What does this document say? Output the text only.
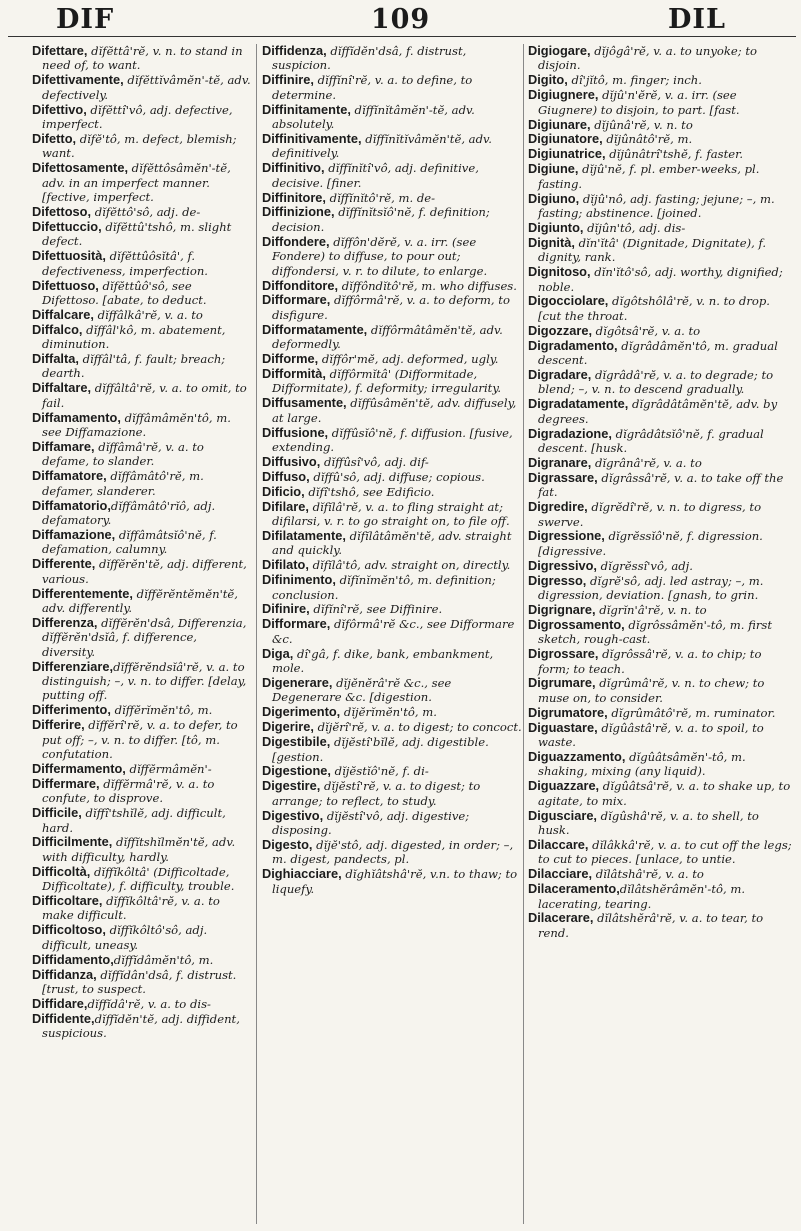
DIF	109	DIL
Difettare, dĭfĕttâ'rĕ, v. n. to stand in need of, to want.
Difettivamente, dĭfĕttĭvâmĕn'-tĕ, adv. defectively.
Difettivo, dĭfĕttî'vô, adj. defective, imperfect.
Difetto, dĭfĕ'tô, m. defect, blemish; want.
Difettosamente, dĭfĕttôsâmĕn'-tĕ, adv. in an imperfect manner. [fective, imperfect.
Difettoso, dĭfĕttô'sô, adj. de-
Difettuccio, dĭfĕttû'tshô, m. slight defect.
Difettuosità, dĭfĕttûôsĭtâ', f. defectiveness, imperfection.
Difettuoso, dĭfĕttûô'sô, see Difettoso. [abate, to deduct.
Diffalcare, dĭffâlkâ'rĕ, v. a. to
Diffalco, dĭffâl'kô, m. abatement, diminution.
Diffalta, dĭffâl'tâ, f. fault; breach; dearth.
Diffaltare, dĭffâltâ'rĕ, v. a. to omit, to fail.
Diffamamento, dĭffâmâmĕn'tô, m. see Diffamazione.
Diffamare, dĭffâmâ'rĕ, v. a. to defame, to slander.
Diffamatore, dĭffâmâtô'rĕ, m. defamer, slanderer.
Diffamatorio,dĭffâmâtô'rĭô, adj. defamatory.
Diffamazione, dĭffâmâtsĭô'nĕ, f. defamation, calumny.
Differente, dĭffĕrĕn'tĕ, adj. different, various.
Differentemente, dĭffĕrĕntĕmĕn'tĕ, adv. differently.
Differenza, dĭffĕrĕn'dsâ, Differenzia, dĭffĕrĕn'dsĭâ, f. difference, diversity.
Differenziare,dĭffĕrĕndsĭâ'rĕ, v. a. to distinguish; –, v. n. to differ. [delay, putting off.
Differimento, dĭffĕrĭmĕn'tô, m.
Differire, dĭffĕrî'rĕ, v. a. to defer, to put off; –, v. n. to differ. [tô, m. confutation.
Differmamento, dĭffĕrmâmĕn'-
Differmare, dĭffĕrmâ'rĕ, v. a. to confute, to disprove.
Difficile, dĭffî'tshĭlĕ, adj. difficult, hard.
Difficilmente, dĭffĭtshĭlmĕn'tĕ, adv. with difficulty, hardly.
Difficoltà, dĭffĭkôltâ' (Difficoltade, Difficoltate), f. difficulty, trouble.
Difficoltare, dĭffĭkôltâ'rĕ, v. a. to make difficult.
Difficoltoso, dĭffĭkôltô'sô, adj. difficult, uneasy.
Diffidamento,dĭffĭdâmĕn'tô, m.
Diffidanza, dĭffĭdân'dsâ, f. distrust. [trust, to suspect.
Diffidare,dĭffĭdâ'rĕ, v. a. to dis-
Diffidente,dĭffĭdĕn'tĕ, adj. diffident, suspicious.
Diffidenza, dĭffĭdĕn'dsâ, f. distrust, suspicion.
Diffinire, dĭffĭnî'rĕ, v. a. to define, to determine.
Diffinitamente, dĭffĭnĭtâmĕn'-tĕ, adv. absolutely.
Diffinitivamente, dĭffĭnĭtĭvâmĕn'tĕ, adv. definitively.
Diffinitivo, dĭffĭnĭtî'vô, adj. definitive, decisive. [finer.
Diffinitore, dĭffĭnĭtô'rĕ, m. de-
Diffinizione, dĭffĭnĭtsĭô'nĕ, f. definition; decision.
Diffondere, dĭffôn'dĕrĕ, v. a. irr. (see Fondere) to diffuse, to pour out; diffondersi, v. r. to dilute, to enlarge.
Diffonditore, dĭffôndĭtô'rĕ, m. who diffuses.
Difformare, dĭffôrmâ'rĕ, v. a. to deform, to disfigure.
Difformatamente, dĭffôrmâtâmĕn'tĕ, adv. deformedly.
Difforme, dĭffôr'mĕ, adj. deformed, ugly.
Difformità, dĭffôrmĭtâ' (Difformitade, Difformitate), f. deformity; irregularity.
Diffusamente, dĭffûsâmĕn'tĕ, adv. diffusely, at large.
Diffusione, dĭffûsĭô'nĕ, f. diffusion. [fusive, extending.
Diffusivo, dĭffûsî'vô, adj. dif-
Diffuso, dĭffû'sô, adj. diffuse; copious.
Dificio, dĭfî'tshô, see Edificio.
Difilare, dĭfĭlâ'rĕ, v. a. to fling straight at; difilarsi, v. r. to go straight on, to file off.
Difilatamente, dĭfĭlâtâmĕn'tĕ, adv. straight and quickly.
Difilato, dĭfĭlâ'tô, adv. straight on, directly.
Difinimento, dĭfĭnĭmĕn'tô, m. definition; conclusion.
Difinire, dĭfĭnî'rĕ, see Diffinire.
Difformare, dĭfôrmâ'rĕ &c., see Difformare &c.
Diga, dî'gâ, f. dike, bank, embankment, mole.
Digenerare, dĭjĕnĕrâ'rĕ &c., see Degenerare &c. [digestion.
Digerimento, dĭjĕrĭmĕn'tô, m.
Digerire, dĭjĕrî'rĕ, v. a. to digest; to concoct.
Digestibile, dĭjĕstî'bĭlĕ, adj. digestible. [gestion.
Digestione, dĭjĕstĭô'nĕ, f. di-
Digestire, dĭjĕstî'rĕ, v. a. to digest; to arrange; to reflect, to study.
Digestivo, dĭjĕstî'vô, adj. digestive; disposing.
Digesto, dĭjĕ'stô, adj. digested, in order; –, m. digest, pandects, pl.
Dighiacciare, dĭghĭâtshâ'rĕ, v.n. to thaw; to liquefy.
Digiogare, dĭjôgâ'rĕ, v. a. to unyoke; to disjoin.
Digito, dî'jĭtô, m. finger; inch.
Digiugnere, dĭjû'n'ĕrĕ, v. a. irr. (see Giugnere) to disjoin, to part. [fast.
Digiunare, dĭjûnâ'rĕ, v. n. to
Digiunatore, dĭjûnâtô'rĕ, m.
Digiunatrice, dĭjûnâtrî'tshĕ, f. faster.
Digiune, dĭjû'nĕ, f. pl. ember-weeks, pl. fasting.
Digiuno, dĭjû'nô, adj. fasting; jejune; –, m. fasting; abstinence. [joined.
Digiunto, dĭjûn'tô, adj. dis-
Dignità, dĭn'ĭtâ' (Dignitade, Dignitate), f. dignity, rank.
Dignitoso, dĭn'ĭtô'sô, adj. worthy, dignified; noble.
Digocciolare, dĭgôtshôlâ'rĕ, v. n. to drop. [cut the throat.
Digozzare, dĭgôtsâ'rĕ, v. a. to
Digradamento, dĭgrâdâmĕn'tô, m. gradual descent.
Digradare, dĭgrâdâ'rĕ, v. a. to degrade; to blend; –, v. n. to descend gradually.
Digradatamente, dĭgrâdâtâmĕn'tĕ, adv. by degrees.
Digradazione, dĭgrâdâtsĭô'nĕ, f. gradual descent. [husk.
Digranare, dĭgrânâ'rĕ, v. a. to
Digrassare, dĭgrâssâ'rĕ, v. a. to take off the fat.
Digredire, dĭgrĕdî'rĕ, v. n. to digress, to swerve.
Digressione, dĭgrĕssĭô'nĕ, f. digression. [digressive.
Digressivo, dĭgrĕssî'vô, adj.
Digresso, dĭgrĕ'sô, adj. led astray; –, m. digression, deviation. [gnash, to grin.
Digrignare, dĭgrĭn'â'rĕ, v. n. to
Digrossamento, dĭgrôssâmĕn'-tô, m. first sketch, rough-cast.
Digrossare, dĭgrôssâ'rĕ, v. a. to chip; to form; to teach.
Digrumare, dĭgrûmâ'rĕ, v. n. to chew; to muse on, to consider.
Digrumatore, dĭgrûmâtô'rĕ, m. ruminator.
Diguastare, dĭgûâstâ'rĕ, v. a. to spoil, to waste.
Diguazzamento, dĭgûâtsâmĕn'-tô, m. shaking, mixing (any liquid).
Diguazzare, dĭgûâtsâ'rĕ, v. a. to shake up, to agitate, to mix.
Digusciare, dĭgûshâ'rĕ, v. a. to shell, to husk.
Dilaccare, dĭlâkkâ'rĕ, v. a. to cut off the legs; to cut to pieces. [unlace, to untie.
Dilacciare, dĭlâtshâ'rĕ, v. a. to
Dilaceramento,dĭlâtshĕrâmĕn'-tô, m. lacerating, tearing.
Dilacerare, dĭlâtshĕrâ'rĕ, v. a. to tear, to rend.
